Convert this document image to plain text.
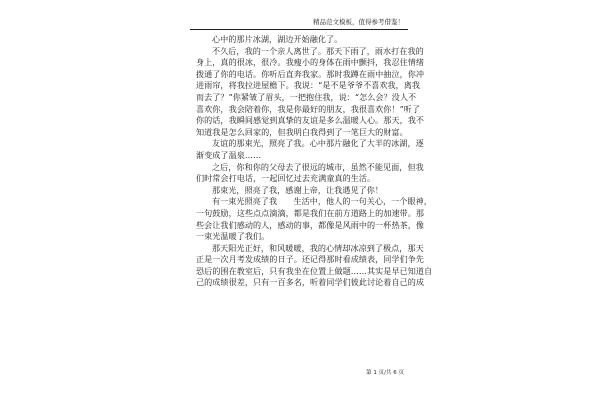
精品范文模板，值得参考借鉴！

心中的那片冰湖，湖边开始融化了。

不久后，我的一个亲人离世了。那天下雨了，雨水打在我的

身上，真的很冰，很冷。我瘦小的身体在雨中颤抖，我忍住情绪

拨通了你的电话。你听后直奔我家。那时我蹲在雨中抽泣，你冲

进雨帘，将我拉进屋檐下。我说：“是不是爷爷不喜欢我，离我

而去了？”你紧皱了眉头，一把抱住我，说：“怎么会？没人不

喜欢你，我会陪着你，我是你最好的朋友，我很喜欢你！”听了

你的话，我瞬间感觉到真挚的友谊是多么温暖人心。那天，我不

知道我是怎么回家的，但我明白我得到了一笔巨大的财富。

友谊的那束光，照亮了我。心中那片融化了大半的冰湖，逐

渐变成了温泉……

之后，你和你的父母去了很远的城市，虽然不能见面，但我

们时常会打电话，一起回忆过去充满童真的生活。

那束光，照亮了我，感谢上帝，让我遇见了你！

有一束光照亮了我　　生活中，他人的一句关心，一个眼神，

一句鼓励，这些点点滴滴，都是我们在前方道路上的加速带。那

些会让我们感动的人，感动的事，都像是风雨中的一杯热茶，像

一束光温暖了我们。

那天阳光正好，和风暖暖，我的心情却冰凉到了极点，那天

正是一次月考发成绩的日子。还记得那时看成绩表，同学们争先

恐后的围在教室后，只有我坐在位置上做题……其实是早已知道自

己的成绩很差，只有一百多名，听着同学们彼此讨论着自己的成

第 1 页/共 6 页
